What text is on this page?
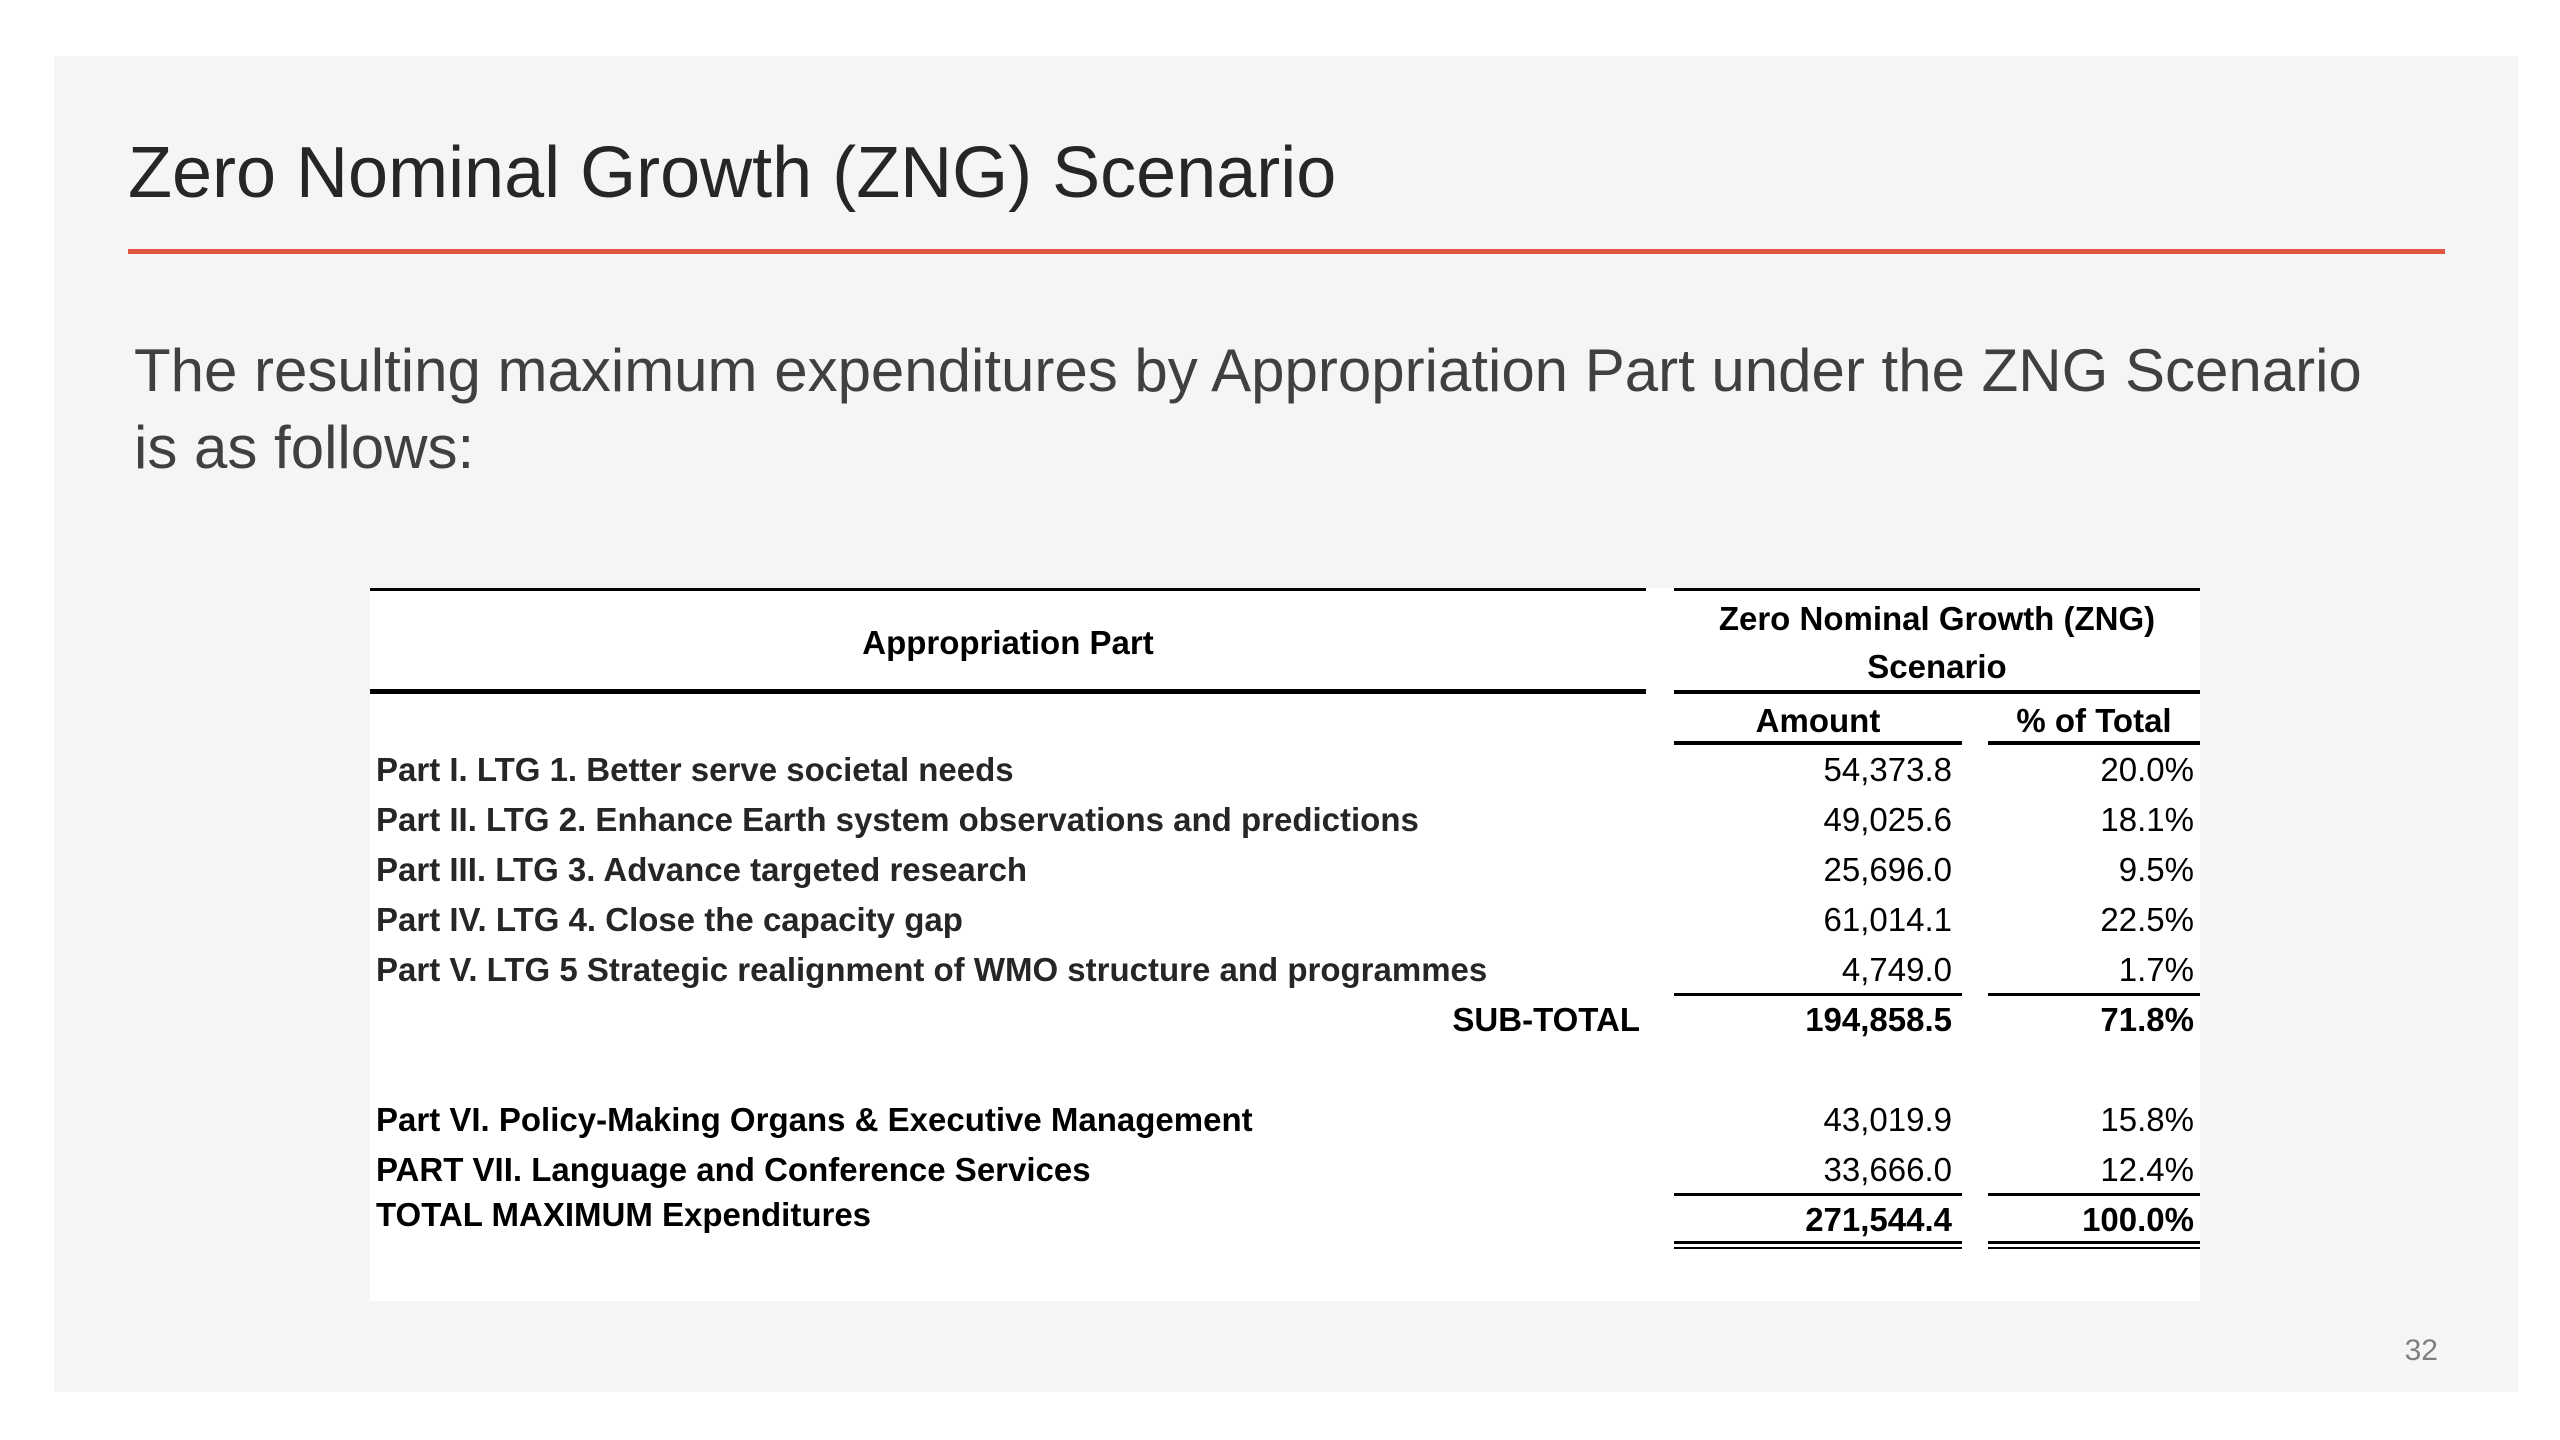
Zero Nominal Growth (ZNG) Scenario
The resulting maximum expenditures by Appropriation Part under the ZNG Scenario is as follows:
Appropriation Part
Zero Nominal Growth (ZNG)
Scenario
Amount	% of Total
Part I. LTG 1. Better serve societal needs	54,373.8	20.0%
Part II. LTG 2. Enhance Earth system observations and predictions	49,025.6	18.1%
Part III. LTG 3. Advance targeted research	25,696.0	9.5%
Part IV. LTG 4. Close the capacity gap	61,014.1	22.5%
Part V. LTG 5 Strategic realignment of WMO structure and programmes	4,749.0	1.7%
SUB-TOTAL	194,858.5	71.8%
Part VI. Policy-Making Organs & Executive Management	43,019.9	15.8%
PART VII. Language and Conference Services	33,666.0	12.4%
TOTAL MAXIMUM Expenditures	271,544.4	100.0%
32
